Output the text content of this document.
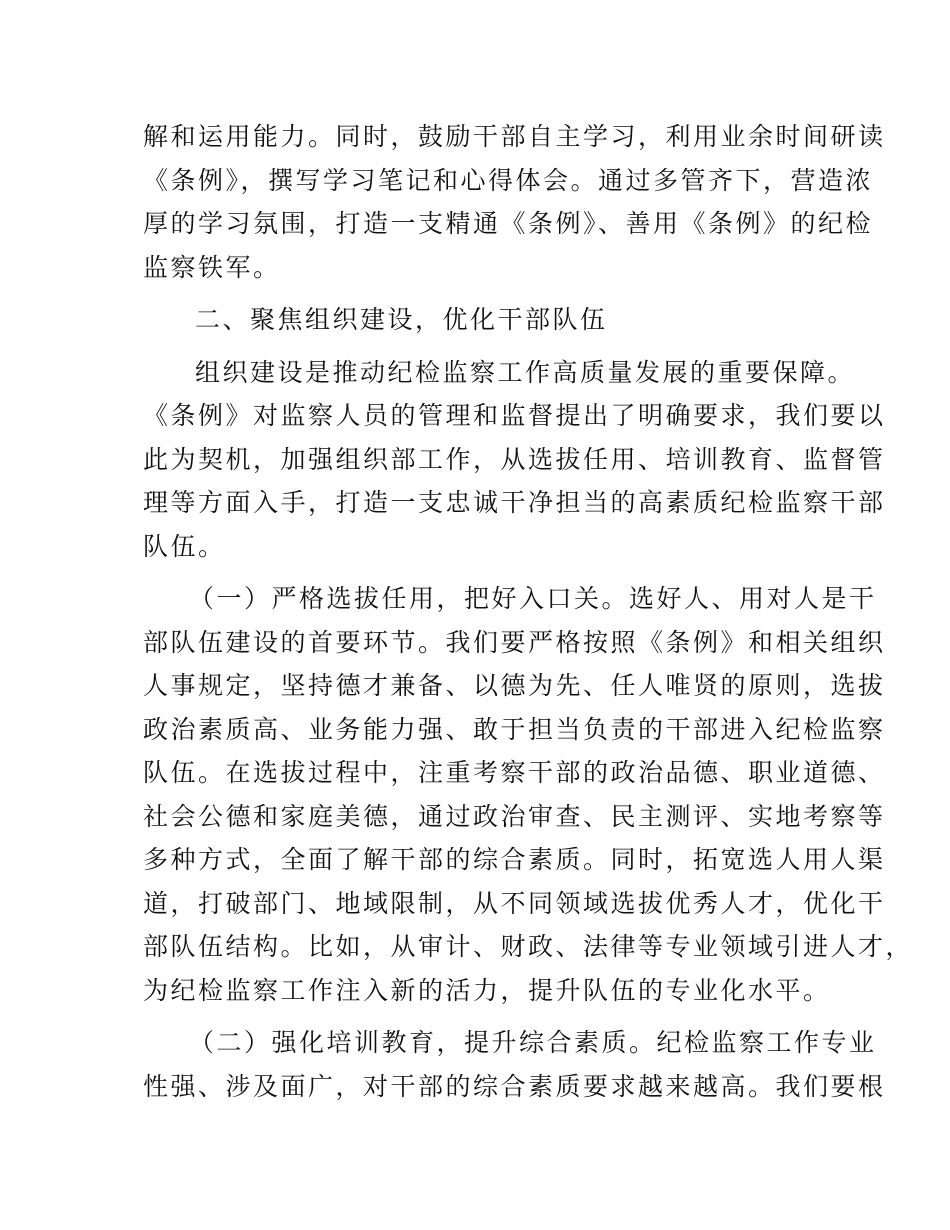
解和运用能力。同时，鼓励干部自主学习，利用业余时间研读
《条例》，撰写学习笔记和心得体会。通过多管齐下，营造浓
厚的学习氛围，打造一支精通《条例》、善用《条例》的纪检
监察铁军。
二、聚焦组织建设，优化干部队伍
组织建设是推动纪检监察工作高质量发展的重要保障。
《条例》对监察人员的管理和监督提出了明确要求，我们要以
此为契机，加强组织部工作，从选拔任用、培训教育、监督管
理等方面入手，打造一支忠诚干净担当的高素质纪检监察干部
队伍。
（一）严格选拔任用，把好入口关。选好人、用对人是干
部队伍建设的首要环节。我们要严格按照《条例》和相关组织
人事规定，坚持德才兼备、以德为先、任人唯贤的原则，选拔
政治素质高、业务能力强、敢于担当负责的干部进入纪检监察
队伍。在选拔过程中，注重考察干部的政治品德、职业道德、
社会公德和家庭美德，通过政治审查、民主测评、实地考察等
多种方式，全面了解干部的综合素质。同时，拓宽选人用人渠
道，打破部门、地域限制，从不同领域选拔优秀人才，优化干
部队伍结构。比如，从审计、财政、法律等专业领域引进人才，
为纪检监察工作注入新的活力，提升队伍的专业化水平。
（二）强化培训教育，提升综合素质。纪检监察工作专业
性强、涉及面广，对干部的综合素质要求越来越高。我们要根
